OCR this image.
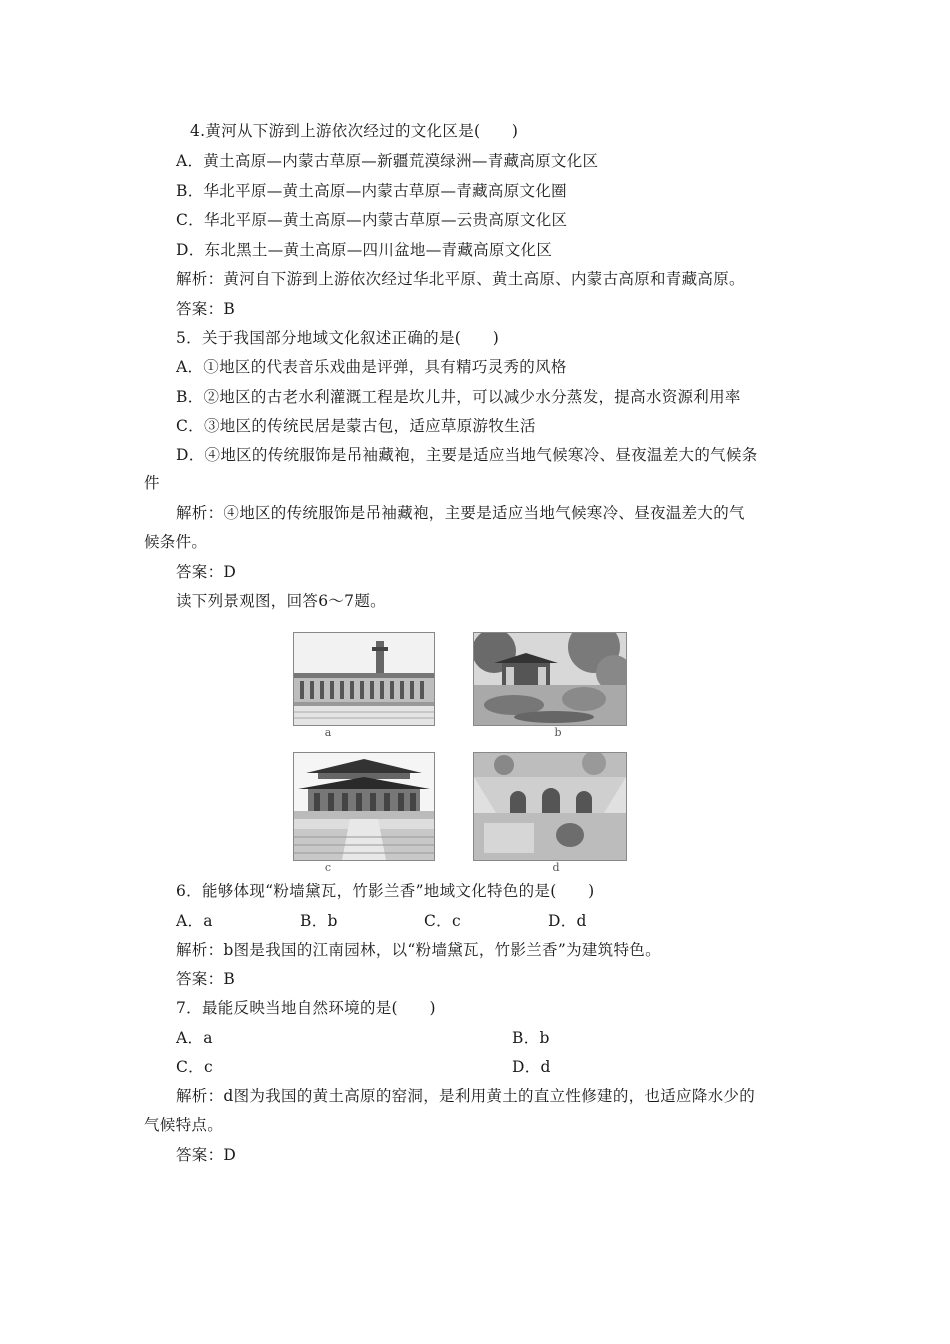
4.黄河从下游到上游依次经过的文化区是(　　)
A．黄土高原—内蒙古草原—新疆荒漠绿洲—青藏高原文化区
B．华北平原—黄土高原—内蒙古草原—青藏高原文化圈
C．华北平原—黄土高原—内蒙古草原—云贵高原文化区
D．东北黑土—黄土高原—四川盆地—青藏高原文化区
解析：黄河自下游到上游依次经过华北平原、黄土高原、内蒙古高原和青藏高原。
答案：B
5．关于我国部分地域文化叙述正确的是(　　)
A．①地区的代表音乐戏曲是评弹，具有精巧灵秀的风格
B．②地区的古老水利灌溉工程是坎儿井，可以减少水分蒸发，提高水资源利用率
C．③地区的传统民居是蒙古包，适应草原游牧生活
D．④地区的传统服饰是吊袖藏袍，主要是适应当地气候寒冷、昼夜温差大的气候条
件
解析：④地区的传统服饰是吊袖藏袍，主要是适应当地气候寒冷、昼夜温差大的气
候条件。
答案：D
读下列景观图，回答6～7题。
a	b
c	d
6．能够体现“粉墙黛瓦，竹影兰香”地域文化特色的是(　　)
A．a	B．b	C．c	D．d
解析：b图是我国的江南园林，以“粉墙黛瓦，竹影兰香”为建筑特色。
答案：B
7．最能反映当地自然环境的是(　　)
A．a	B．b
C．c	D．d
解析：d图为我国的黄土高原的窑洞，是利用黄土的直立性修建的，也适应降水少的
气候特点。
答案：D
